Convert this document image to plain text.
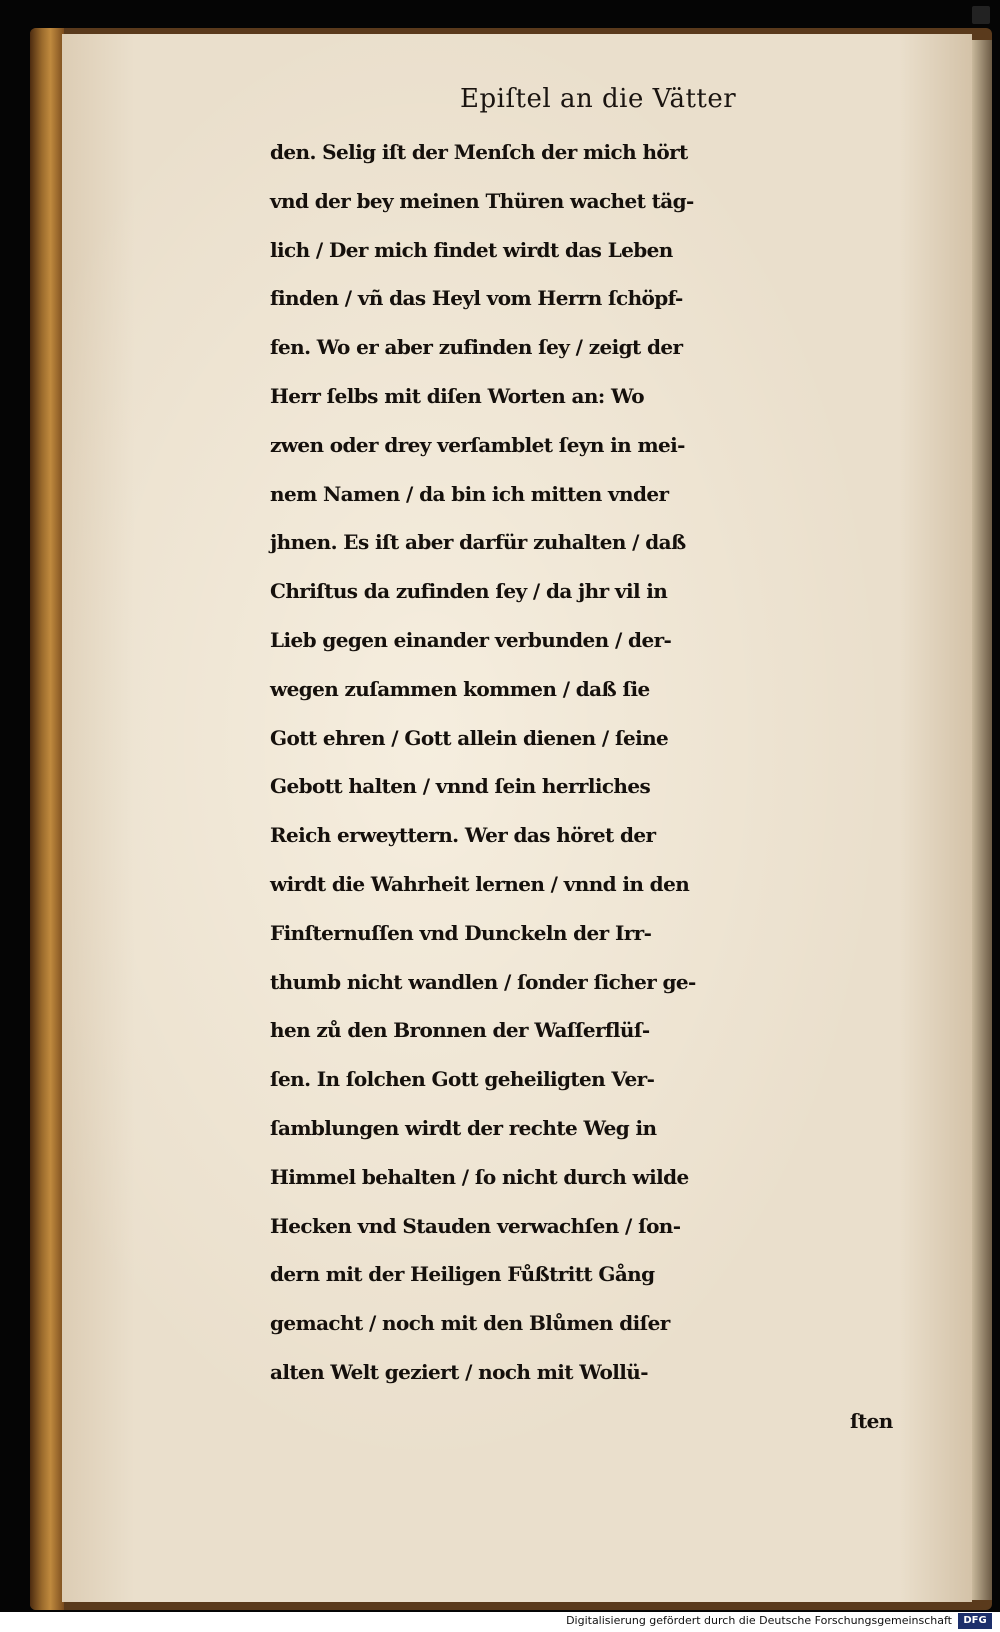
Epiſtel an die Vätter
den. Selig iſt der Menſch der mich hört
vnd der bey meinen Thüren wachet täg-
lich / Der mich findet wirdt das Leben
finden / vñ das Heyl vom Herrn ſchöpf-
fen. Wo er aber zufinden ſey / zeigt der
Herr ſelbs mit diſen Worten an: Wo
zwen oder drey verſamblet ſeyn in mei-
nem Namen / da bin ich mitten vnder
jhnen. Es iſt aber darfür zuhalten / daß
Chriſtus da zufinden ſey / da jhr vil in
Lieb gegen einander verbunden / der-
wegen zuſammen kommen / daß ſie
Gott ehren / Gott allein dienen / ſeine
Gebott halten / vnnd ſein herrliches
Reich erweyttern. Wer das höret der
wirdt die Wahrheit lernen / vnnd in den
Finſternuſſen vnd Dunckeln der Irr-
thumb nicht wandlen / ſonder ſicher ge-
hen zů den Bronnen der Waſſerflüſ-
ſen. In ſolchen Gott geheiligten Ver-
ſamblungen wirdt der rechte Weg in
Himmel behalten / ſo nicht durch wilde
Hecken vnd Stauden verwachſen / ſon-
dern mit der Heiligen Fůßtritt Gång
gemacht / noch mit den Blůmen diſer
alten Welt geziert / noch mit Wollü-
ſten
Digitalisierung gefördert durch die Deutsche Forschungsgemeinschaft	DFG
